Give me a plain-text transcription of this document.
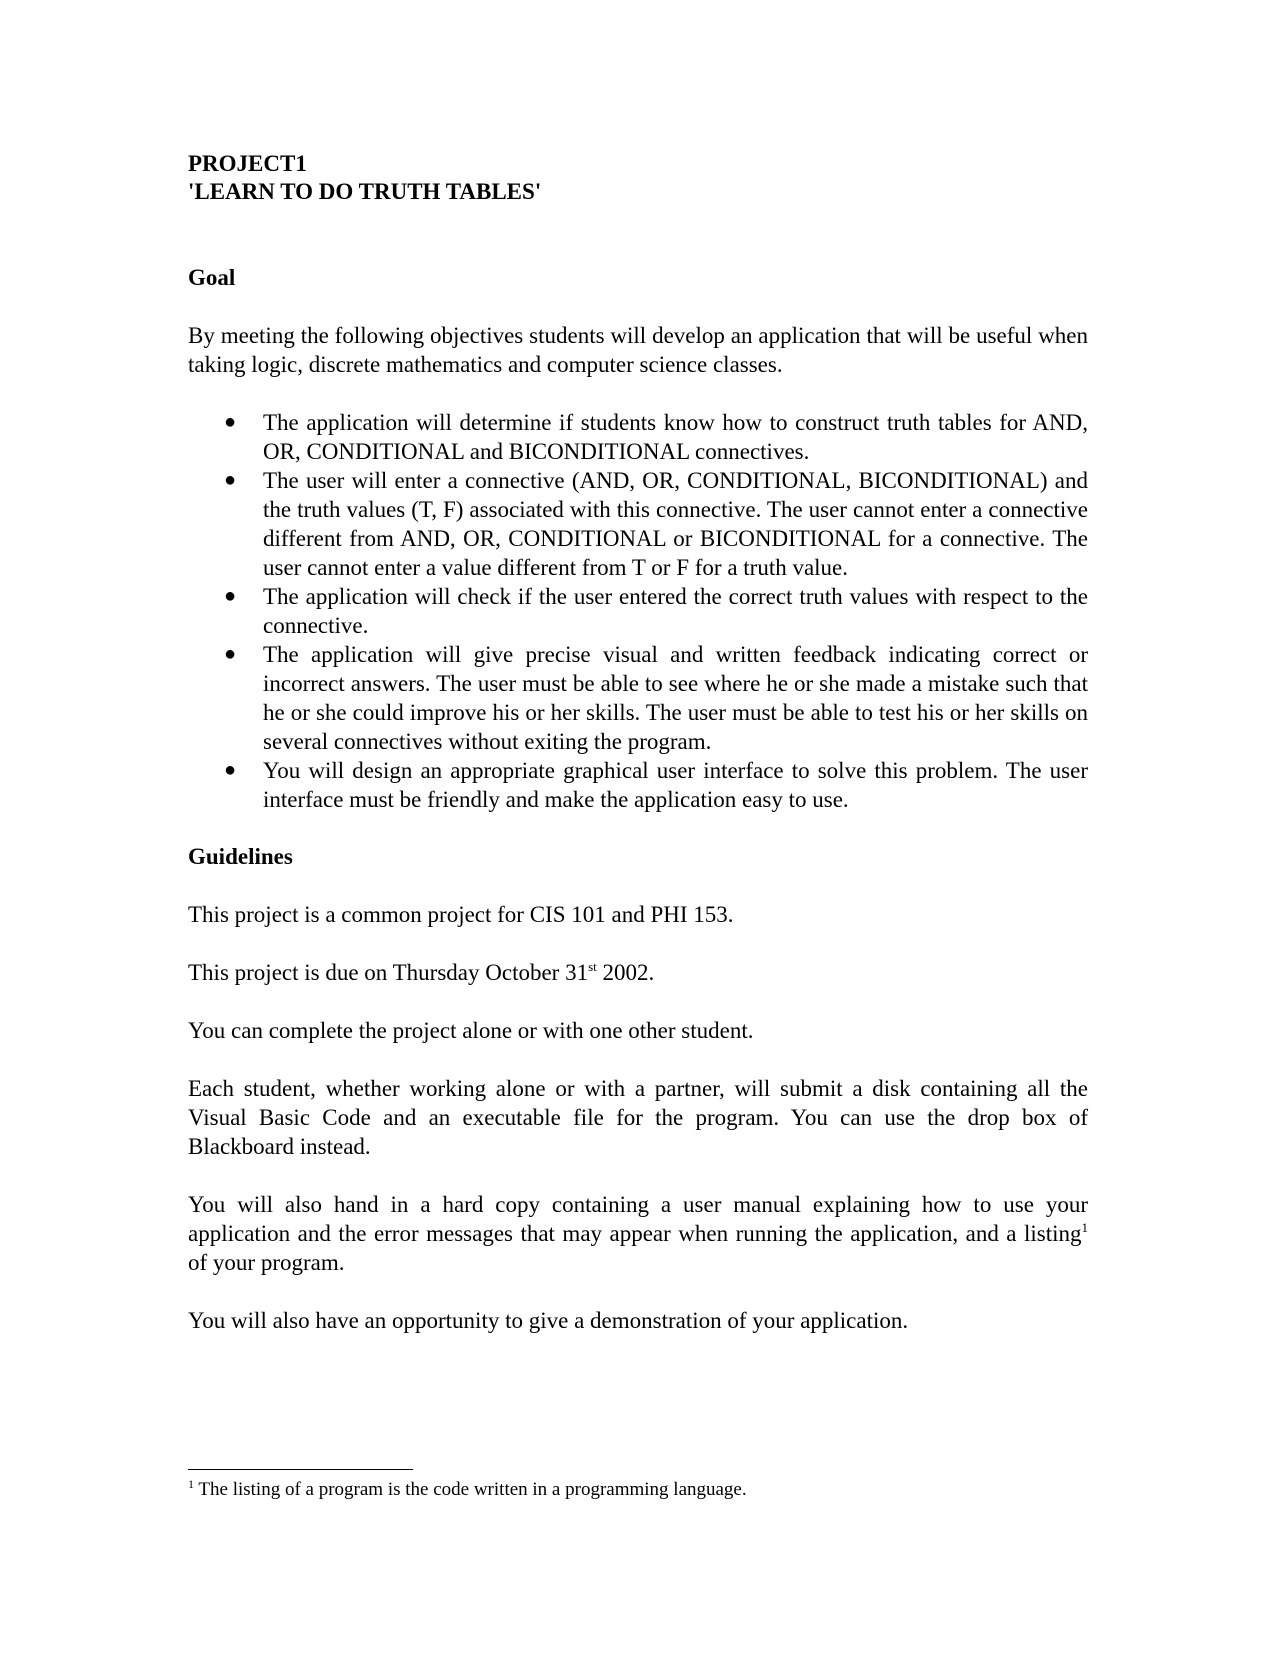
PROJECT1

'LEARN TO DO TRUTH TABLES'

Goal

By meeting the following objectives students will develop an application that will be useful when taking logic, discrete mathematics and computer science classes.

● The application will determine if students know how to construct truth tables for AND, OR, CONDITIONAL and BICONDITIONAL connectives.
● The user will enter a connective (AND, OR, CONDITIONAL, BICONDITIONAL) and the truth values (T, F) associated with this connective. The user cannot enter a connective different from AND, OR, CONDITIONAL or BICONDITIONAL for a connective. The user cannot enter a value different from T or F for a truth value.
● The application will check if the user entered the correct truth values with respect to the connective.
● The application will give precise visual and written feedback indicating correct or incorrect answers. The user must be able to see where he or she made a mistake such that he or she could improve his or her skills. The user must be able to test his or her skills on several connectives without exiting the program.
● You will design an appropriate graphical user interface to solve this problem. The user interface must be friendly and make the application easy to use.

Guidelines

This project is a common project for CIS 101 and PHI 153.

This project is due on Thursday October 31st 2002.

You can complete the project alone or with one other student.

Each student, whether working alone or with a partner, will submit a disk containing all the Visual Basic Code and an executable file for the program. You can use the drop box of Blackboard instead.

You will also hand in a hard copy containing a user manual explaining how to use your application and the error messages that may appear when running the application, and a listing$^1$ of your program.

You will also have an opportunity to give a demonstration of your application.

$^1$ The listing of a program is the code written in a programming language.
